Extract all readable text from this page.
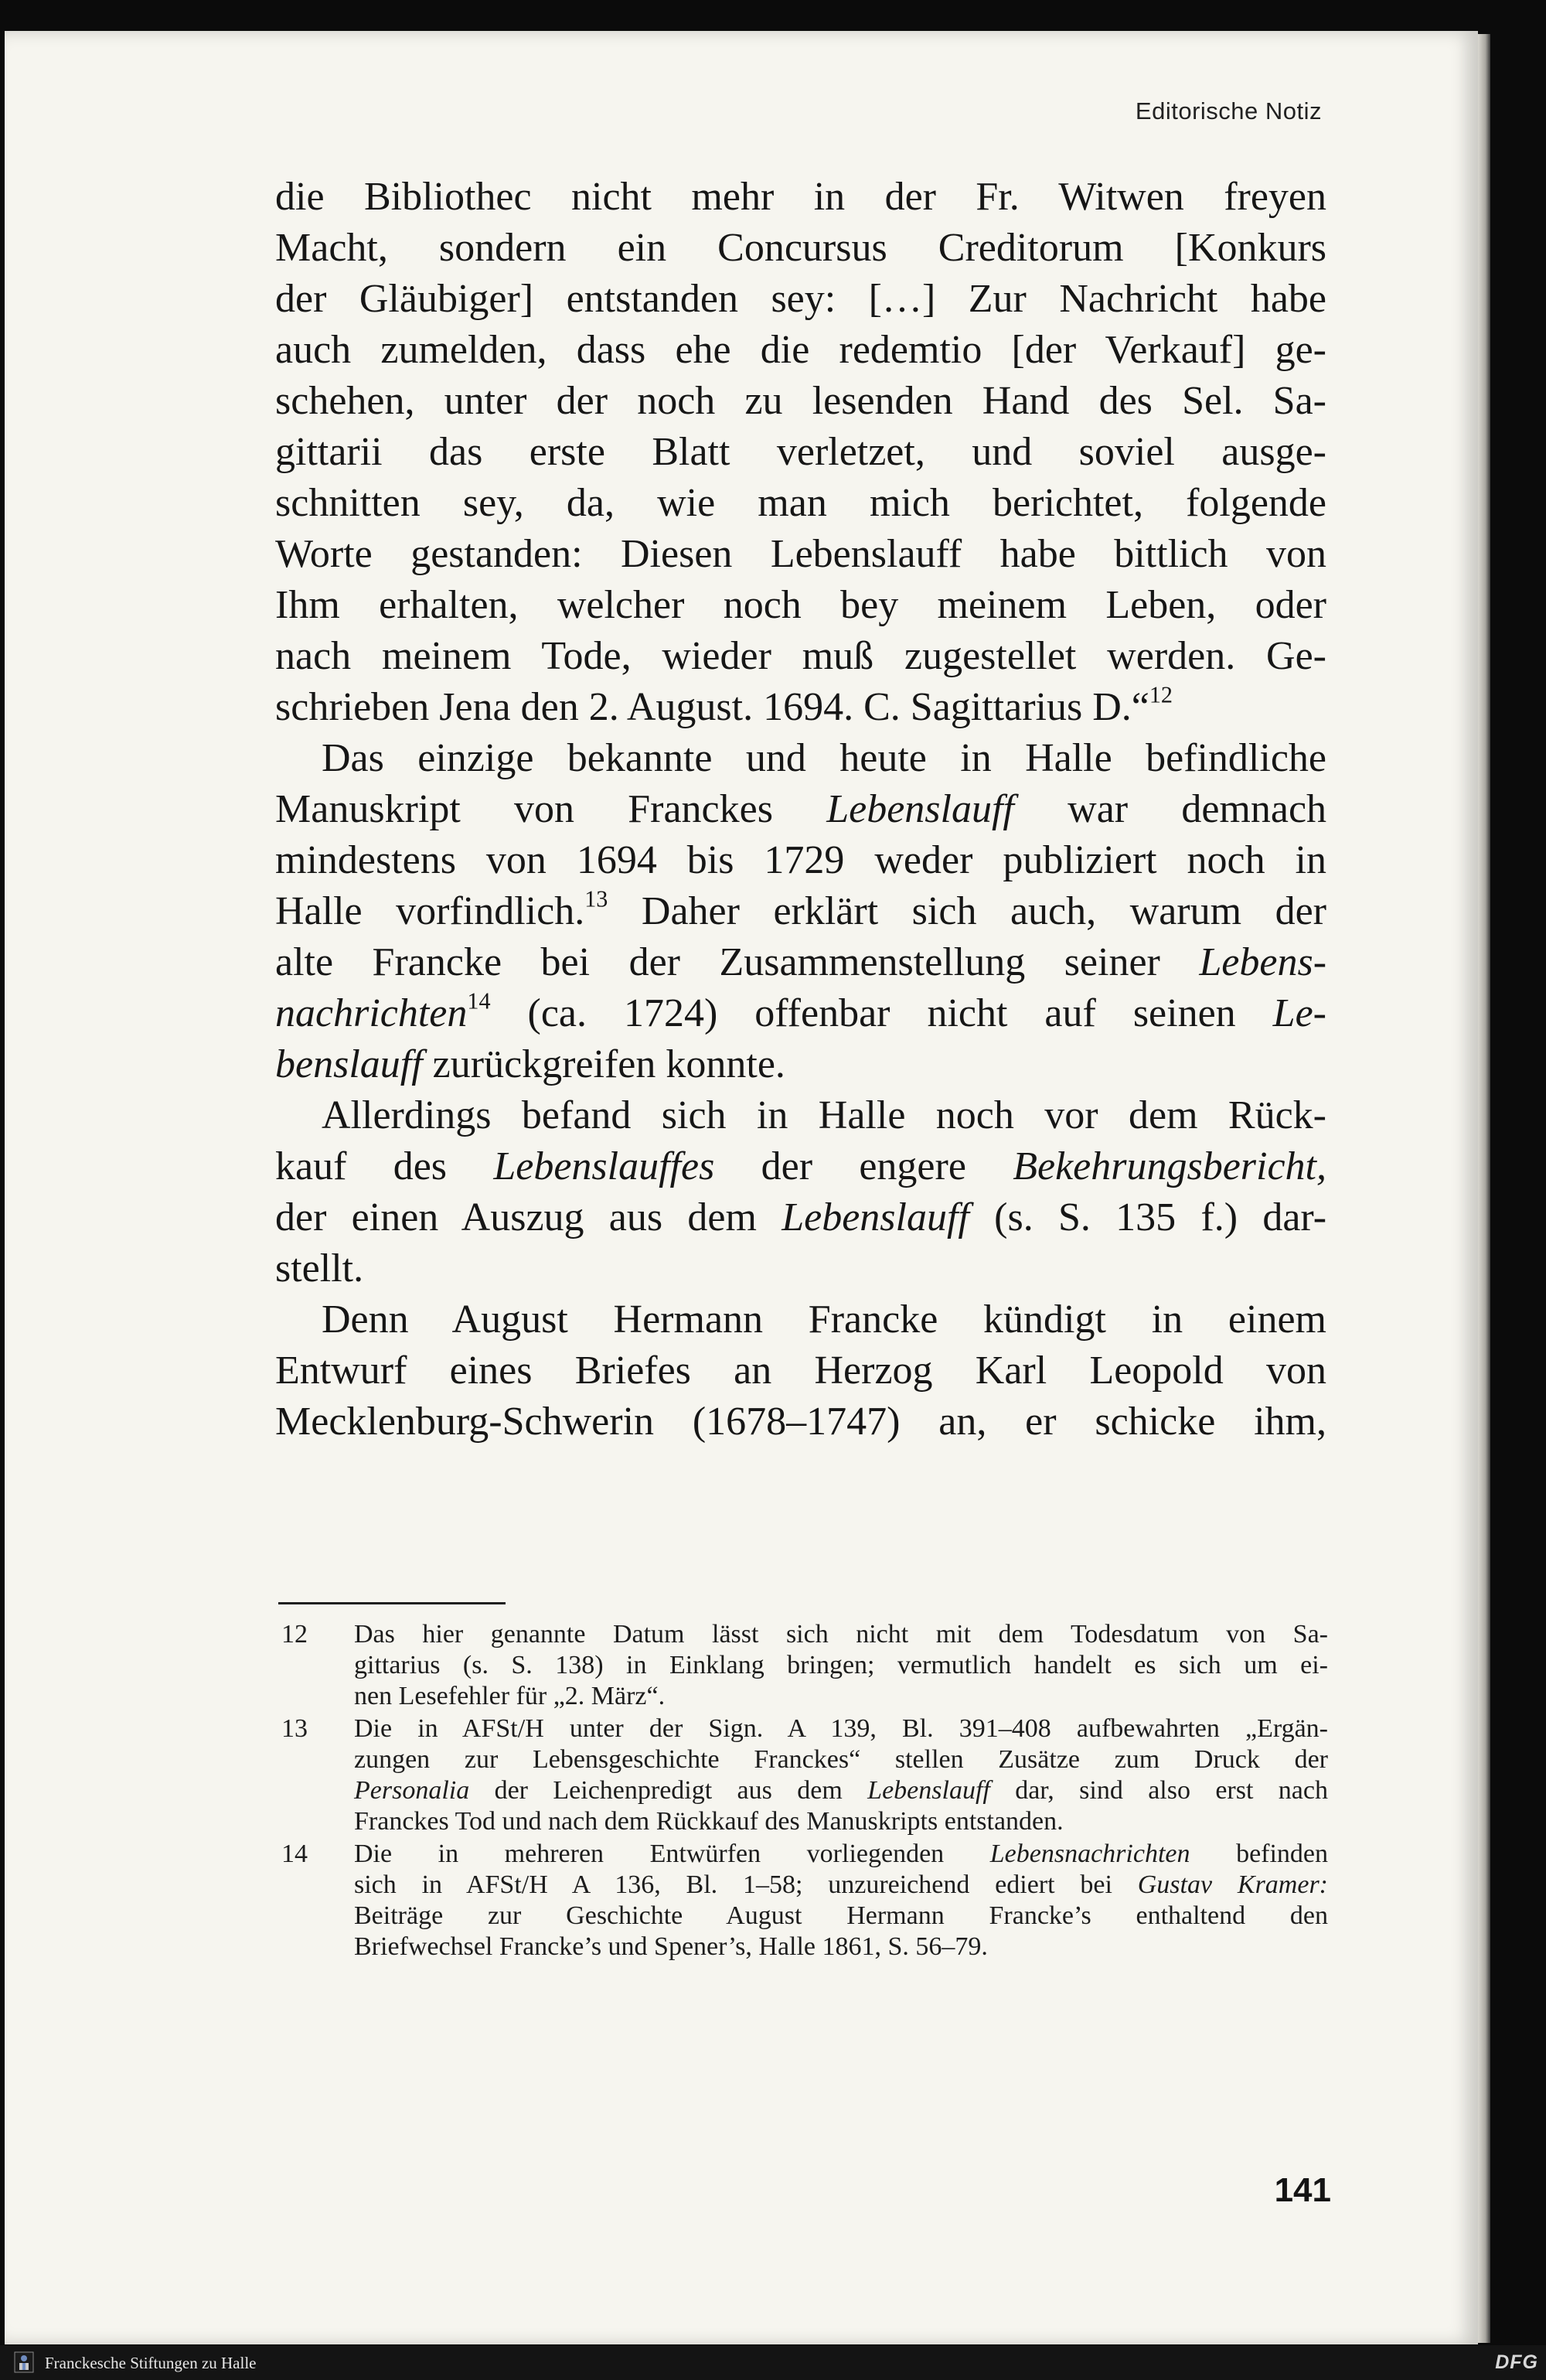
Editorische Notiz
die Bibliothec nicht mehr in der Fr. Witwen freyen
Macht, sondern ein Concursus Creditorum [Konkurs
der Gläubiger] entstanden sey: […] Zur Nachricht habe
auch zumelden, dass ehe die redemtio [der Verkauf] ge-
schehen, unter der noch zu lesenden Hand des Sel. Sa-
gittarii das erste Blatt verletzet, und soviel ausge-
schnitten sey, da, wie man mich berichtet, folgende
Worte gestanden: Diesen Lebenslauff habe bittlich von
Ihm erhalten, welcher noch bey meinem Leben, oder
nach meinem Tode, wieder muß zugestellet werden. Ge-
schrieben Jena den 2. August. 1694. C. Sagittarius D.“$^{12}$
Das einzige bekannte und heute in Halle befindliche
Manuskript von Franckes Lebenslauff war demnach
mindestens von 1694 bis 1729 weder publiziert noch in
Halle vorfindlich.$^{13}$ Daher erklärt sich auch, warum der
alte Francke bei der Zusammenstellung seiner Lebens-
nachrichten$^{14}$ (ca. 1724) offenbar nicht auf seinen Le-
benslauff zurückgreifen konnte.
Allerdings befand sich in Halle noch vor dem Rück-
kauf des Lebenslauffes der engere Bekehrungsbericht,
der einen Auszug aus dem Lebenslauff (s. S. 135 f.) dar-
stellt.
Denn August Hermann Francke kündigt in einem
Entwurf eines Briefes an Herzog Karl Leopold von
Mecklenburg-Schwerin (1678–1747) an, er schicke ihm,
12	Das hier genannte Datum lässt sich nicht mit dem Todesdatum von Sa-
gittarius (s. S. 138) in Einklang bringen; vermutlich handelt es sich um ei-
nen Lesefehler für „2. März“.
13	Die in AFSt/H unter der Sign. A 139, Bl. 391–408 aufbewahrten „Ergän-
zungen zur Lebensgeschichte Franckes“ stellen Zusätze zum Druck der
Personalia der Leichenpredigt aus dem Lebenslauff dar, sind also erst nach
Franckes Tod und nach dem Rückkauf des Manuskripts entstanden.
14	Die in mehreren Entwürfen vorliegenden Lebensnachrichten befinden
sich in AFSt/H A 136, Bl. 1–58; unzureichend ediert bei Gustav Kramer:
Beiträge zur Geschichte August Hermann Francke’s enthaltend den
Briefwechsel Francke’s und Spener’s, Halle 1861, S. 56–79.
141
Franckesche Stiftungen zu Halle	DFG
